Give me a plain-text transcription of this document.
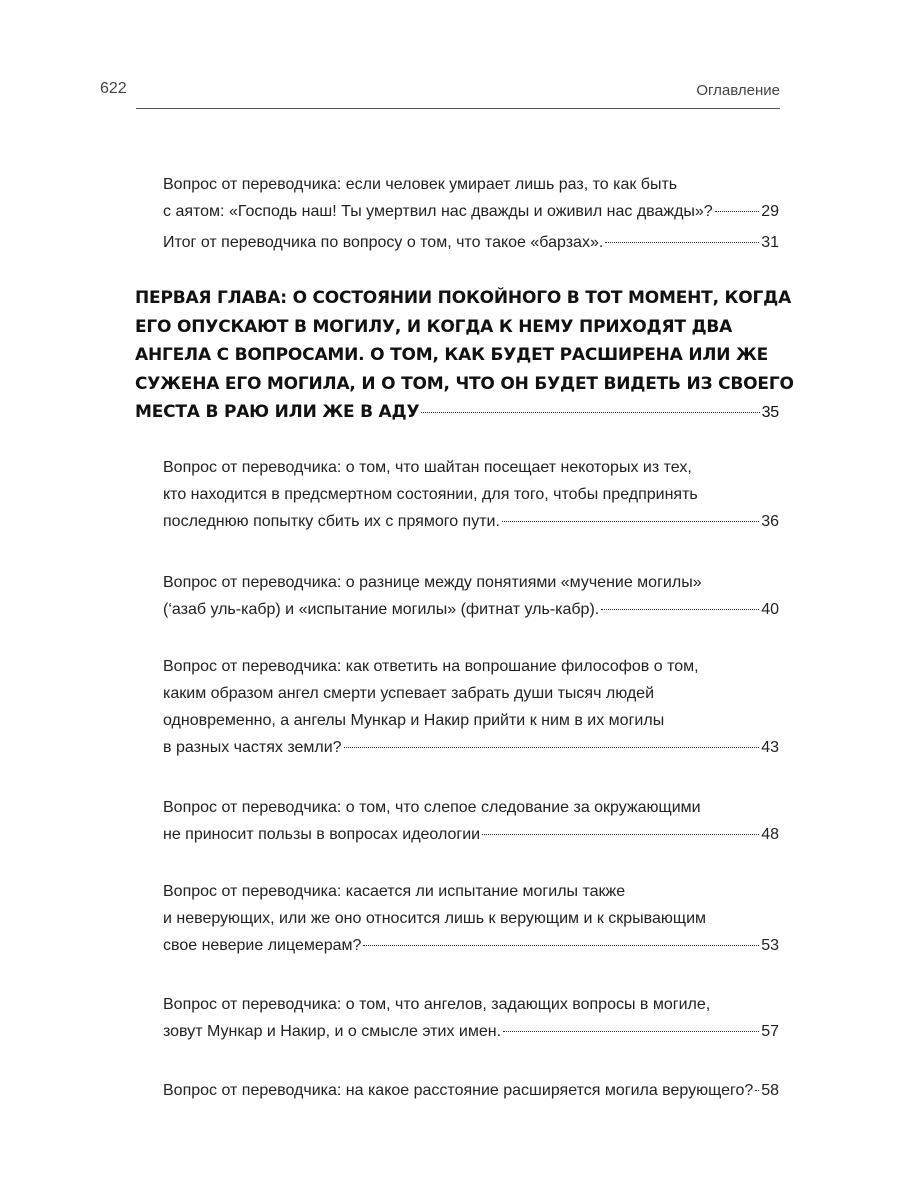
622	Оглавление
Вопрос от переводчика: если человек умирает лишь раз, то как быть
с аятом: «Господь наш! Ты умертвил нас дважды и оживил нас дважды»?	29
Итог от переводчика по вопросу о том, что такое «барзах».	31
ПЕРВАЯ ГЛАВА: О СОСТОЯНИИ ПОКОЙНОГО В ТОТ МОМЕНТ, КОГДА
ЕГО ОПУСКАЮТ В МОГИЛУ, И КОГДА К НЕМУ ПРИХОДЯТ ДВА
АНГЕЛА С ВОПРОСАМИ. О ТОМ, КАК БУДЕТ РАСШИРЕНА ИЛИ ЖЕ
СУЖЕНА ЕГО МОГИЛА, И О ТОМ, ЧТО ОН БУДЕТ ВИДЕТЬ ИЗ СВОЕГО
МЕСТА В РАЮ ИЛИ ЖЕ В АДУ	35
Вопрос от переводчика: о том, что шайтан посещает некоторых из тех,
кто находится в предсмертном состоянии, для того, чтобы предпринять
последнюю попытку сбить их с прямого пути.	36
Вопрос от переводчика: о разнице между понятиями «мучение могилы»
(‘азаб уль-кабр) и «испытание могилы» (фитнат уль-кабр).	40
Вопрос от переводчика: как ответить на вопрошание философов о том,
каким образом ангел смерти успевает забрать души тысяч людей
одновременно, а ангелы Мункар и Накир прийти к ним в их могилы
в разных частях земли?	43
Вопрос от переводчика: о том, что слепое следование за окружающими
не приносит пользы в вопросах идеологии	48
Вопрос от переводчика: касается ли испытание могилы также
и неверующих, или же оно относится лишь к верующим и к скрывающим
свое неверие лицемерам?	53
Вопрос от переводчика: о том, что ангелов, задающих вопросы в могиле,
зовут Мункар и Накир, и о смысле этих имен.	57
Вопрос от переводчика: на какое расстояние расширяется могила верующего? 58
